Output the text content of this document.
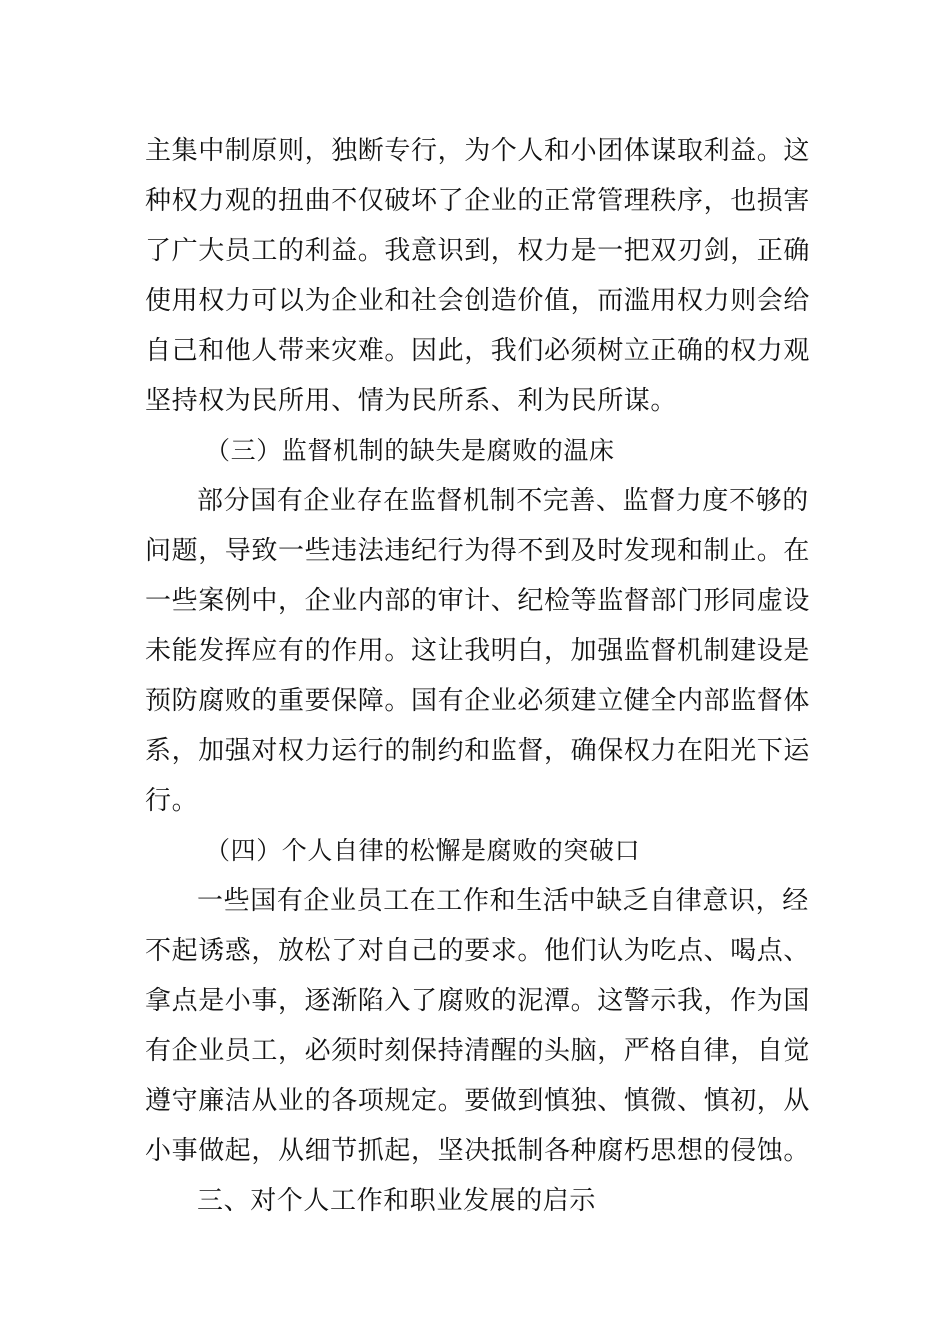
主集中制原则，独断专行，为个人和小团体谋取利益。这
种权力观的扭曲不仅破坏了企业的正常管理秩序，也损害
了广大员工的利益。我意识到，权力是一把双刃剑，正确
使用权力可以为企业和社会创造价值，而滥用权力则会给
自己和他人带来灾难。因此，我们必须树立正确的权力观
坚持权为民所用、情为民所系、利为民所谋。
（三）监督机制的缺失是腐败的温床
部分国有企业存在监督机制不完善、监督力度不够的
问题，导致一些违法违纪行为得不到及时发现和制止。在
一些案例中，企业内部的审计、纪检等监督部门形同虚设
未能发挥应有的作用。这让我明白，加强监督机制建设是
预防腐败的重要保障。国有企业必须建立健全内部监督体
系，加强对权力运行的制约和监督，确保权力在阳光下运
行。
（四）个人自律的松懈是腐败的突破口
一些国有企业员工在工作和生活中缺乏自律意识，经
不起诱惑，放松了对自己的要求。他们认为吃点、喝点、
拿点是小事，逐渐陷入了腐败的泥潭。这警示我，作为国
有企业员工，必须时刻保持清醒的头脑，严格自律，自觉
遵守廉洁从业的各项规定。要做到慎独、慎微、慎初，从
小事做起，从细节抓起，坚决抵制各种腐朽思想的侵蚀。
三、对个人工作和职业发展的启示
